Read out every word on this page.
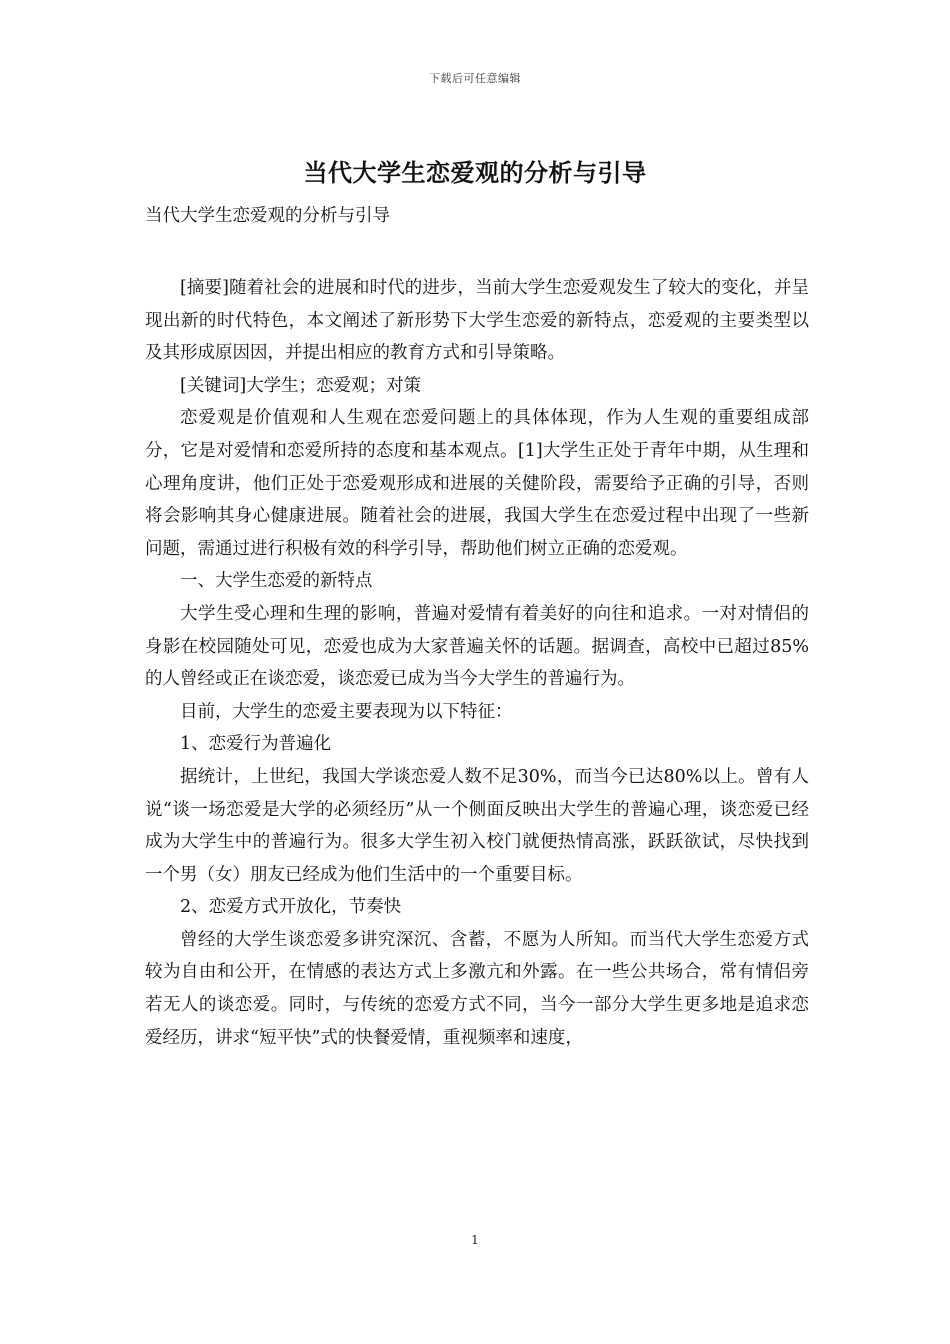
下载后可任意编辑
当代大学生恋爱观的分析与引导
当代大学生恋爱观的分析与引导

[摘要]随着社会的进展和时代的进步，当前大学生恋爱观发生了较大的变化，并呈现出新的时代特色，本文阐述了新形势下大学生恋爱的新特点，恋爱观的主要类型以及其形成原因因，并提出相应的教育方式和引导策略。

[关键词]大学生；恋爱观；对策

恋爱观是价值观和人生观在恋爱问题上的具体体现，作为人生观的重要组成部分，它是对爱情和恋爱所持的态度和基本观点。[1]大学生正处于青年中期，从生理和心理角度讲，他们正处于恋爱观形成和进展的关健阶段，需要给予正确的引导，否则将会影响其身心健康进展。随着社会的进展，我国大学生在恋爱过程中出现了一些新问题，需通过进行积极有效的科学引导，帮助他们树立正确的恋爱观。

一、大学生恋爱的新特点

大学生受心理和生理的影响，普遍对爱情有着美好的向往和追求。一对对情侣的身影在校园随处可见，恋爱也成为大家普遍关怀的话题。据调查，高校中已超过85%的人曾经或正在谈恋爱，谈恋爱已成为当今大学生的普遍行为。

目前，大学生的恋爱主要表现为以下特征：

1、恋爱行为普遍化

据统计，上世纪，我国大学谈恋爱人数不足30%，而当今已达80%以上。曾有人说“谈一场恋爱是大学的必须经历”从一个侧面反映出大学生的普遍心理，谈恋爱已经成为大学生中的普遍行为。很多大学生初入校门就便热情高涨，跃跃欲试，尽快找到一个男（女）朋友已经成为他们生活中的一个重要目标。

2、恋爱方式开放化，节奏快

曾经的大学生谈恋爱多讲究深沉、含蓄，不愿为人所知。而当代大学生恋爱方式较为自由和公开，在情感的表达方式上多激亢和外露。在一些公共场合，常有情侣旁若无人的谈恋爱。同时，与传统的恋爱方式不同，当今一部分大学生更多地是追求恋爱经历，讲求“短平快”式的快餐爱情，重视频率和速度，

1
